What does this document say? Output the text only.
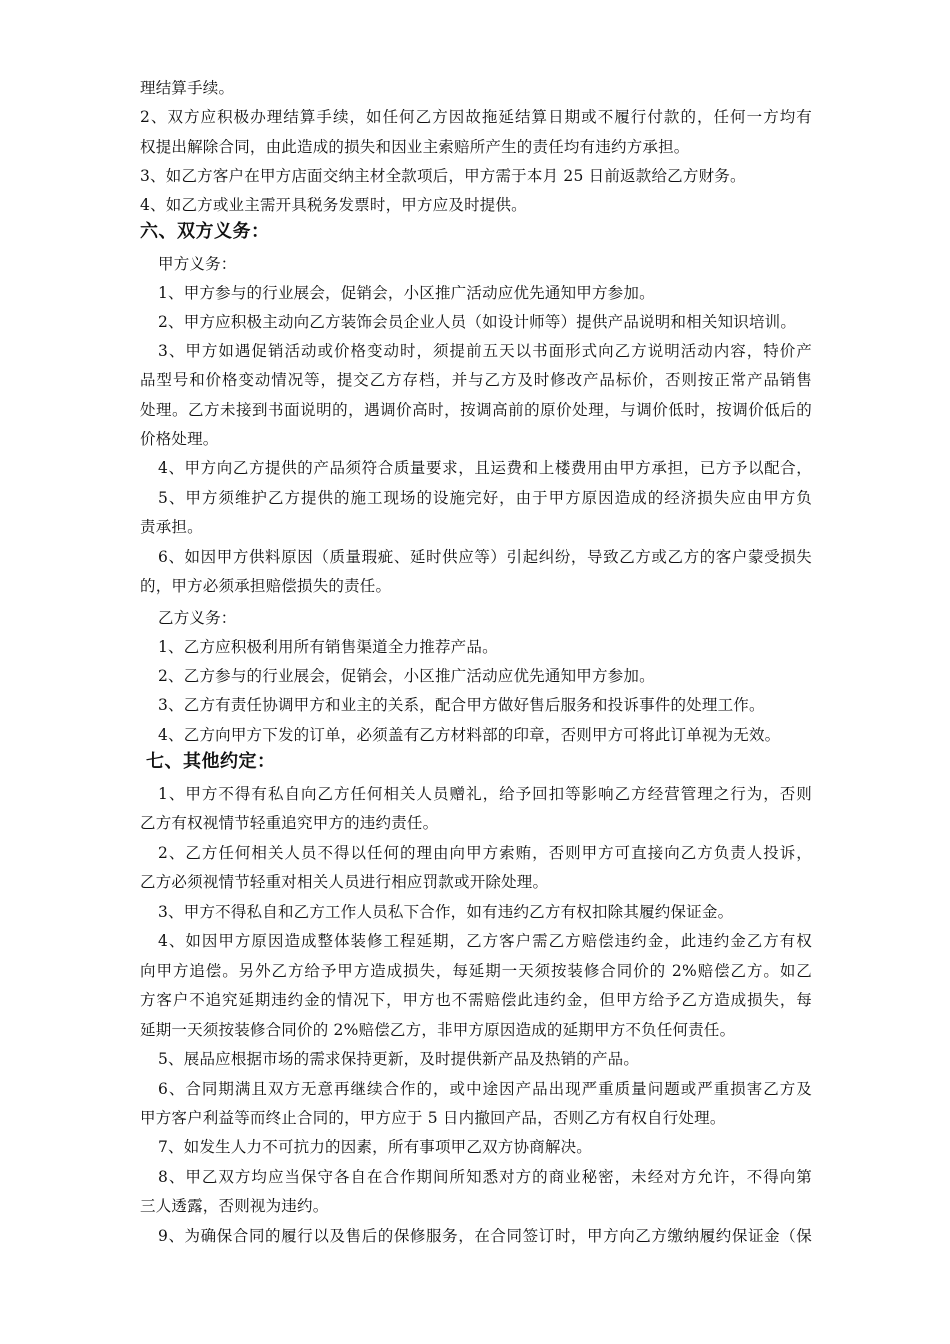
理结算手续。
2、双方应积极办理结算手续，如任何乙方因故拖延结算日期或不履行付款的，任何一方均有
权提出解除合同，由此造成的损失和因业主索赔所产生的责任均有违约方承担。
3、如乙方客户在甲方店面交纳主材全款项后，甲方需于本月 25 日前返款给乙方财务。
4、如乙方或业主需开具税务发票时，甲方应及时提供。
六、双方义务：
甲方义务：
1、甲方参与的行业展会，促销会，小区推广活动应优先通知甲方参加。
2、甲方应积极主动向乙方装饰会员企业人员（如设计师等）提供产品说明和相关知识培训。
3、甲方如遇促销活动或价格变动时，须提前五天以书面形式向乙方说明活动内容，特价产
品型号和价格变动情况等，提交乙方存档，并与乙方及时修改产品标价，否则按正常产品销售
处理。乙方未接到书面说明的，遇调价高时，按调高前的原价处理，与调价低时，按调价低后的
价格处理。
4、甲方向乙方提供的产品须符合质量要求，且运费和上楼费用由甲方承担，已方予以配合，
5、甲方须维护乙方提供的施工现场的设施完好，由于甲方原因造成的经济损失应由甲方负
责承担。
6、如因甲方供料原因（质量瑕疵、延时供应等）引起纠纷，导致乙方或乙方的客户蒙受损失
的，甲方必须承担赔偿损失的责任。
乙方义务：
1、乙方应积极利用所有销售渠道全力推荐产品。
2、乙方参与的行业展会，促销会，小区推广活动应优先通知甲方参加。
3、乙方有责任协调甲方和业主的关系，配合甲方做好售后服务和投诉事件的处理工作。
4、乙方向甲方下发的订单，必须盖有乙方材料部的印章，否则甲方可将此订单视为无效。
七、其他约定：
1、甲方不得有私自向乙方任何相关人员赠礼，给予回扣等影响乙方经营管理之行为，否则
乙方有权视情节轻重追究甲方的违约责任。
2、乙方任何相关人员不得以任何的理由向甲方索贿，否则甲方可直接向乙方负责人投诉，
乙方必须视情节轻重对相关人员进行相应罚款或开除处理。
3、甲方不得私自和乙方工作人员私下合作，如有违约乙方有权扣除其履约保证金。
4、如因甲方原因造成整体装修工程延期，乙方客户需乙方赔偿违约金，此违约金乙方有权
向甲方追偿。另外乙方给予甲方造成损失，每延期一天须按装修合同价的 2%赔偿乙方。如乙
方客户不追究延期违约金的情况下，甲方也不需赔偿此违约金，但甲方给予乙方造成损失，每
延期一天须按装修合同价的 2%赔偿乙方，非甲方原因造成的延期甲方不负任何责任。
5、展品应根据市场的需求保持更新，及时提供新产品及热销的产品。
6、合同期满且双方无意再继续合作的，或中途因产品出现严重质量问题或严重损害乙方及
甲方客户利益等而终止合同的，甲方应于 5 日内撤回产品，否则乙方有权自行处理。
7、如发生人力不可抗力的因素，所有事项甲乙双方协商解决。
8、甲乙双方均应当保守各自在合作期间所知悉对方的商业秘密，未经对方允许，不得向第
三人透露，否则视为违约。
9、为确保合同的履行以及售后的保修服务，在合同签订时，甲方向乙方缴纳履约保证金（保
